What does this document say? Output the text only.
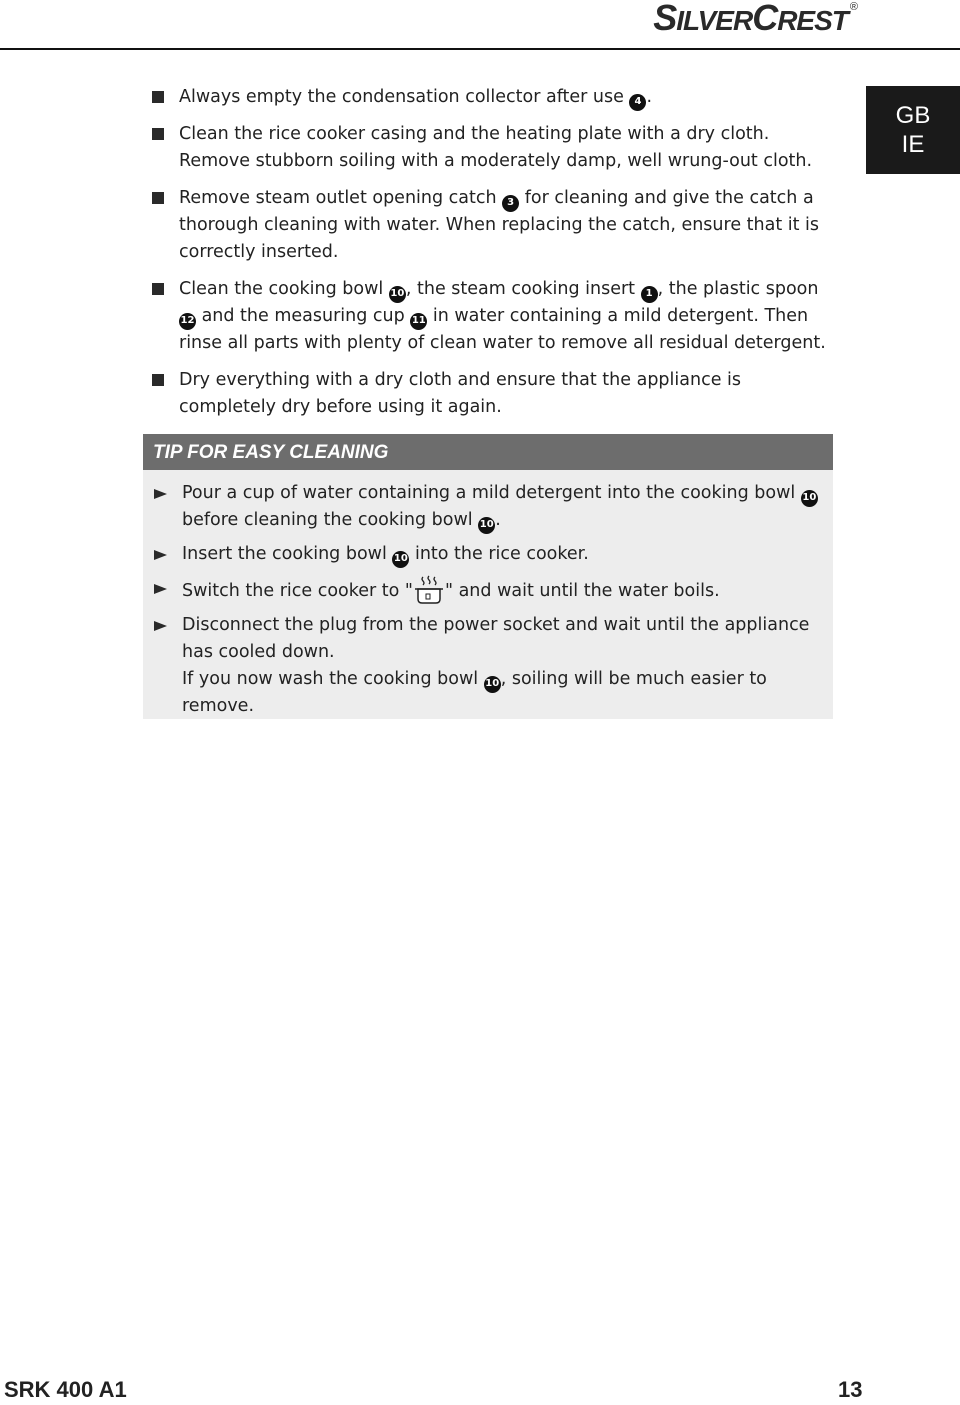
SILVERCREST ®
GB
IE
Always empty the condensation collector after use 4 .
Clean the rice cooker casing and the heating plate with a dry cloth. Remove stubborn soiling with a moderately damp, well wrung-out cloth.
Remove steam outlet opening catch 3 for cleaning and give the catch a thorough cleaning with water. When replacing the catch, ensure that it is correctly inserted.
Clean the cooking bowl 10, the steam cooking insert 1 , the plastic spoon 12 and the measuring cup 11 in water containing a mild detergent. Then rinse all parts with plenty of clean water to remove all residual detergent.
Dry everything with a dry cloth and ensure that the appliance is completely dry before using it again.
TIP FOR EASY CLEANING
Pour a cup of water containing a mild detergent into the cooking bowl 10 before cleaning the cooking bowl 10.
Insert the cooking bowl 10 into the rice cooker.
Switch the rice cooker to " " and wait until the water boils.
Disconnect the plug from the power socket and wait until the appliance has cooled down.
If you now wash the cooking bowl 10, soiling will be much easier to remove.
SRK 400 A1	13
